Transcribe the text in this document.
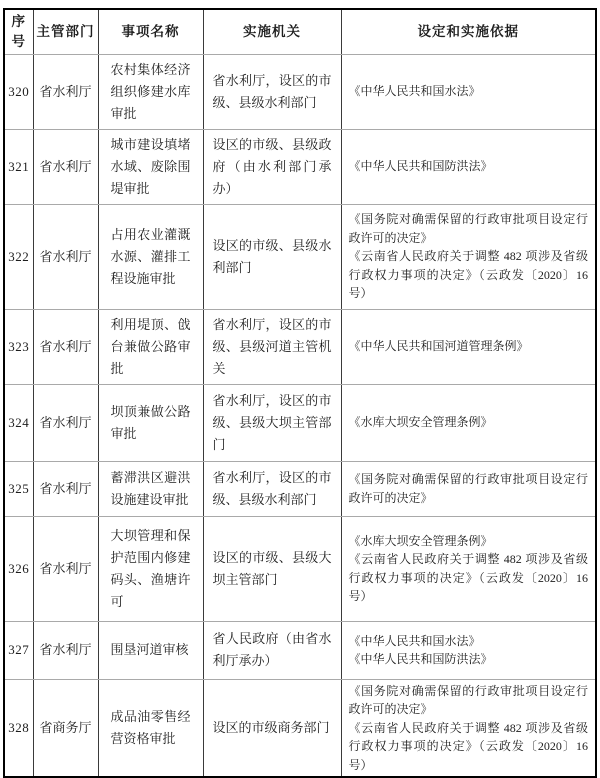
序号	主管部门	事项名称	实施机关	设定和实施依据
320	省水利厅	农村集体经济组织修建水库审批	省水利厅，设区的市级、县级水利部门	《中华人民共和国水法》

321	省水利厅	城市建设填堵水域、废除围堤审批	设区的市级、县级政府（由水利部门承办）	《中华人民共和国防洪法》

322	省水利厅	占用农业灌溉水源、灌排工程设施审批	设区的市级、县级水利部门	《国务院对确需保留的行政审批项目设定行政许可的决定》
《云南省人民政府关于调整 482 项涉及省级行政权力事项的决定》（云政发〔2020〕16 号）

323	省水利厅	利用堤顶、戗台兼做公路审批	省水利厅，设区的市级、县级河道主管机关	《中华人民共和国河道管理条例》

324	省水利厅	坝顶兼做公路审批	省水利厅，设区的市级、县级大坝主管部门	《水库大坝安全管理条例》

325	省水利厅	蓄滞洪区避洪设施建设审批	省水利厅，设区的市级、县级水利部门	《国务院对确需保留的行政审批项目设定行政许可的决定》

326	省水利厅	大坝管理和保护范围内修建码头、渔塘许可	设区的市级、县级大坝主管部门	《水库大坝安全管理条例》
《云南省人民政府关于调整 482 项涉及省级行政权力事项的决定》（云政发〔2020〕16 号）

327	省水利厅	围垦河道审核	省人民政府（由省水利厅承办）	《中华人民共和国水法》
《中华人民共和国防洪法》

328	省商务厅	成品油零售经营资格审批	设区的市级商务部门	《国务院对确需保留的行政审批项目设定行政许可的决定》
《云南省人民政府关于调整 482 项涉及省级行政权力事项的决定》（云政发〔2020〕16 号）
